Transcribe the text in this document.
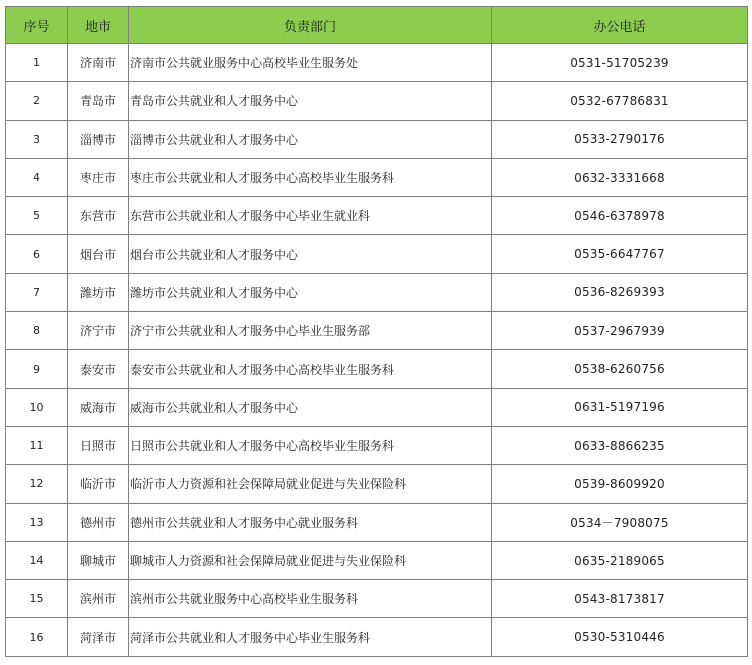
序号	地市	负责部门	办公电话
1	济南市	济南市公共就业服务中心高校毕业生服务处	0531-51705239
2	青岛市	青岛市公共就业和人才服务中心	0532-67786831
3	淄博市	淄博市公共就业和人才服务中心	0533-2790176
4	枣庄市	枣庄市公共就业和人才服务中心高校毕业生服务科	0632-3331668
5	东营市	东营市公共就业和人才服务中心毕业生就业科	0546-6378978
6	烟台市	烟台市公共就业和人才服务中心	0535-6647767
7	潍坊市	潍坊市公共就业和人才服务中心	0536-8269393
8	济宁市	济宁市公共就业和人才服务中心毕业生服务部	0537-2967939
9	泰安市	泰安市公共就业和人才服务中心高校毕业生服务科	0538-6260756
10	威海市	威海市公共就业和人才服务中心	0631-5197196
11	日照市	日照市公共就业和人才服务中心高校毕业生服务科	0633-8866235
12	临沂市	临沂市人力资源和社会保障局就业促进与失业保险科	0539-8609920
13	德州市	德州市公共就业和人才服务中心就业服务科	0534－7908075
14	聊城市	聊城市人力资源和社会保障局就业促进与失业保险科	0635-2189065
15	滨州市	滨州市公共就业服务中心高校毕业生服务科	0543-8173817
16	菏泽市	菏泽市公共就业和人才服务中心毕业生服务科	0530-5310446
